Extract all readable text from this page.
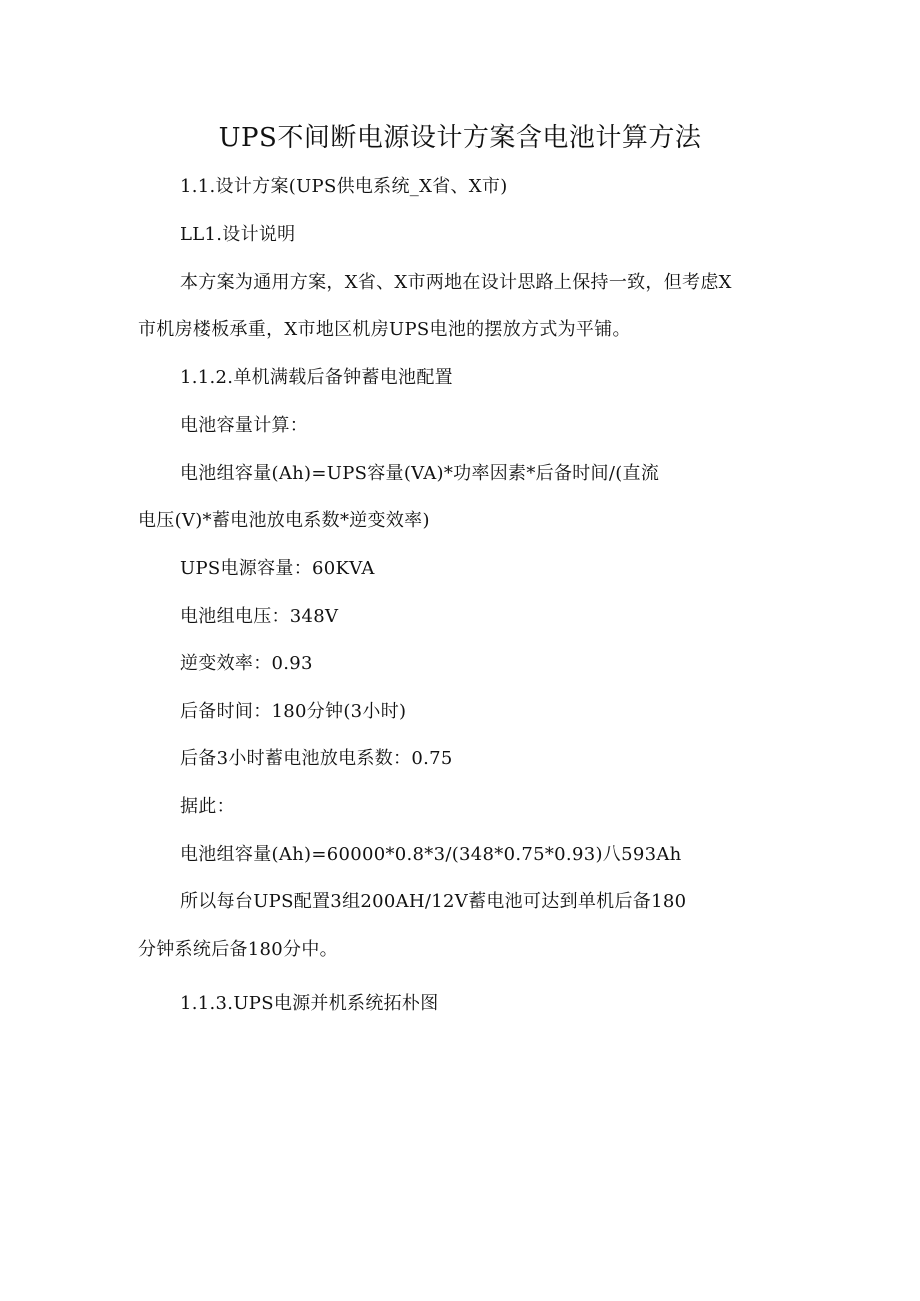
UPS不间断电源设计方案含电池计算方法
1.1.设计方案(UPS供电系统_X省、X市)
LL1.设计说明
本方案为通用方案，X省、X市两地在设计思路上保持一致，但考虑X
市机房楼板承重，X市地区机房UPS电池的摆放方式为平铺。
1.1.2.单机满载后备钟蓄电池配置
电池容量计算：
电池组容量(Ah)=UPS容量(VA)*功率因素*后备时间/(直流
电压(V)*蓄电池放电系数*逆变效率)
UPS电源容量：60KVA
电池组电压：348V
逆变效率：0.93
后备时间：180分钟(3小时)
后备3小时蓄电池放电系数：0.75
据此：
电池组容量(Ah)=60000*0.8*3/(348*0.75*0.93)八593Ah
所以每台UPS配置3组200AH/12V蓄电池可达到单机后备180
分钟系统后备180分中。
1.1.3.UPS电源并机系统拓朴图
